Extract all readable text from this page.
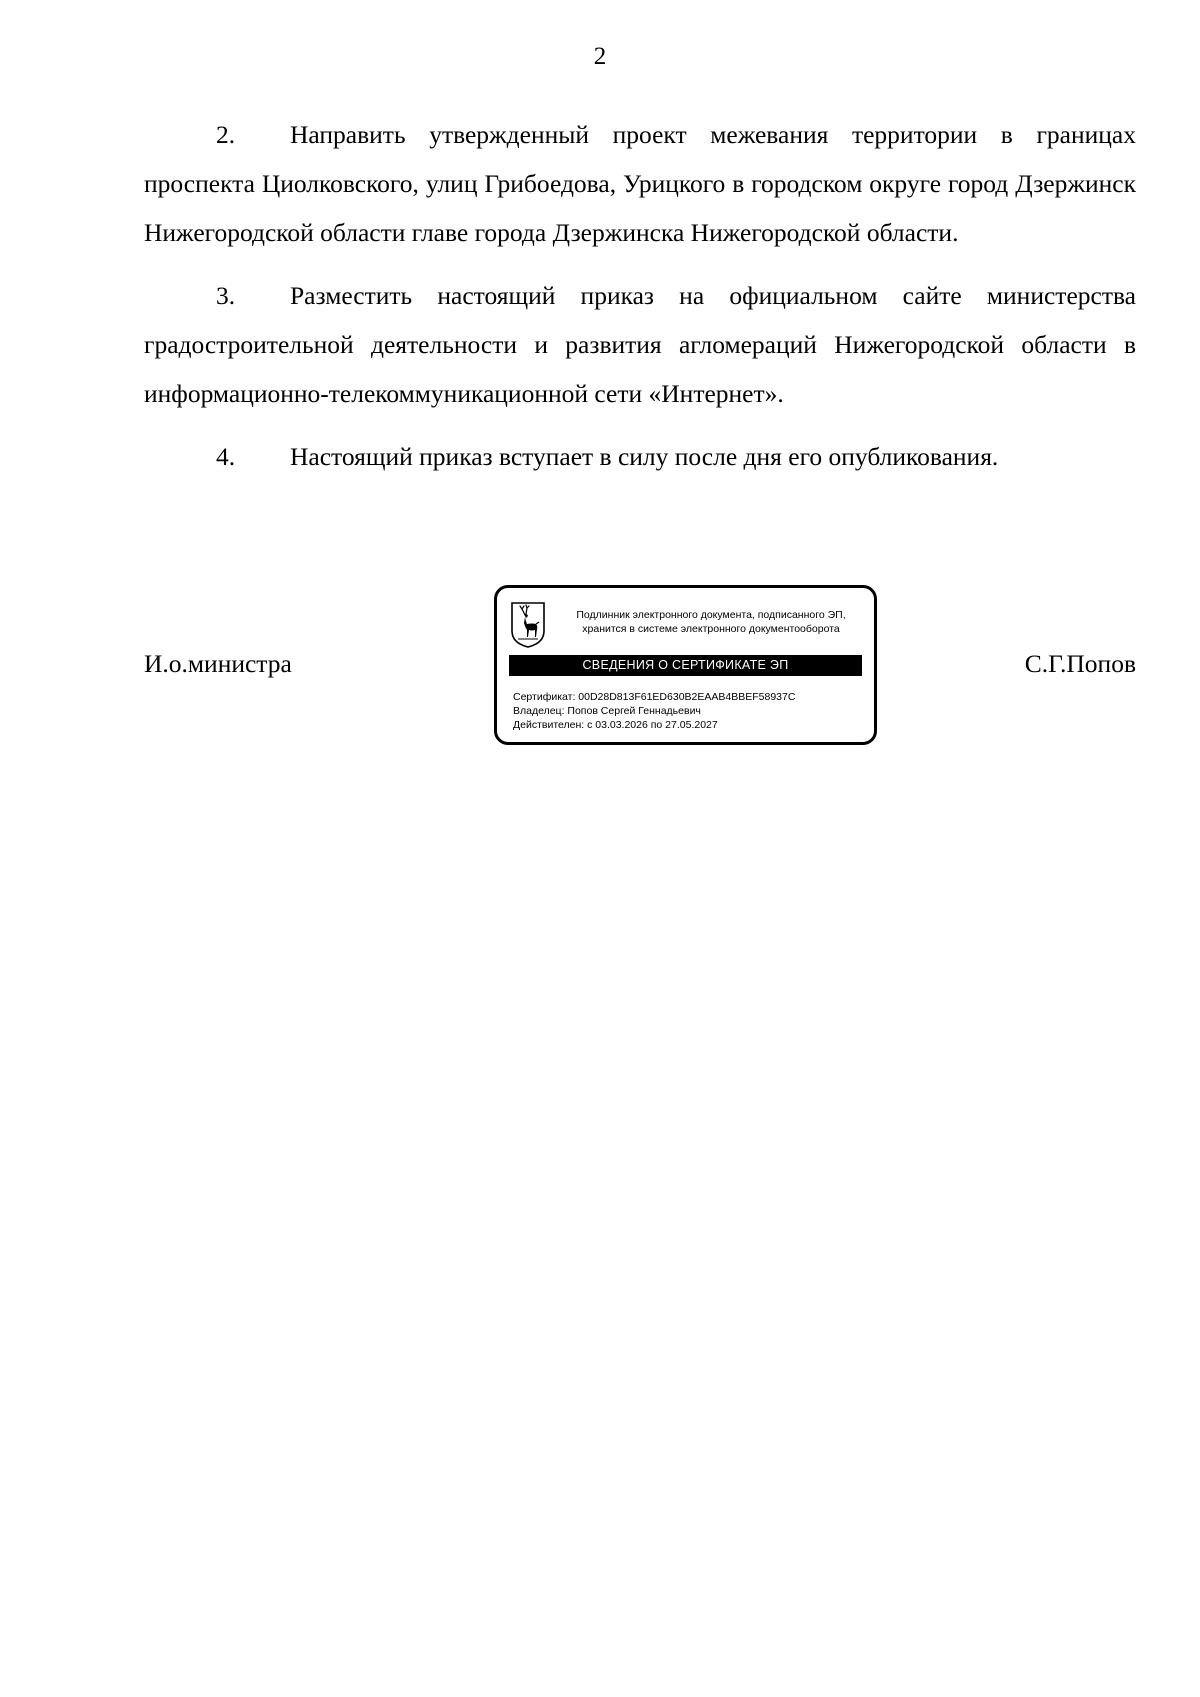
2

2. Направить утвержденный проект межевания территории в границах проспекта Циолковского, улиц Грибоедова, Урицкого в городском округе город Дзержинск Нижегородской области главе города Дзержинска Нижегородской области.

3. Разместить настоящий приказ на официальном сайте министерства градостроительной деятельности и развития агломераций Нижегородской области в информационно-телекоммуникационной сети «Интернет».

4. Настоящий приказ вступает в силу после дня его опубликования.

И.о.министра	С.Г.Попов
Подлинник электронного документа, подписанного ЭП,
хранится в системе электронного документооборота
СВЕДЕНИЯ О СЕРТИФИКАТЕ ЭП
Сертификат: 00D28D813F61ED630B2EAAB4BBEF58937C
Владелец: Попов Сергей Геннадьевич
Действителен: с 03.03.2026 по 27.05.2027
